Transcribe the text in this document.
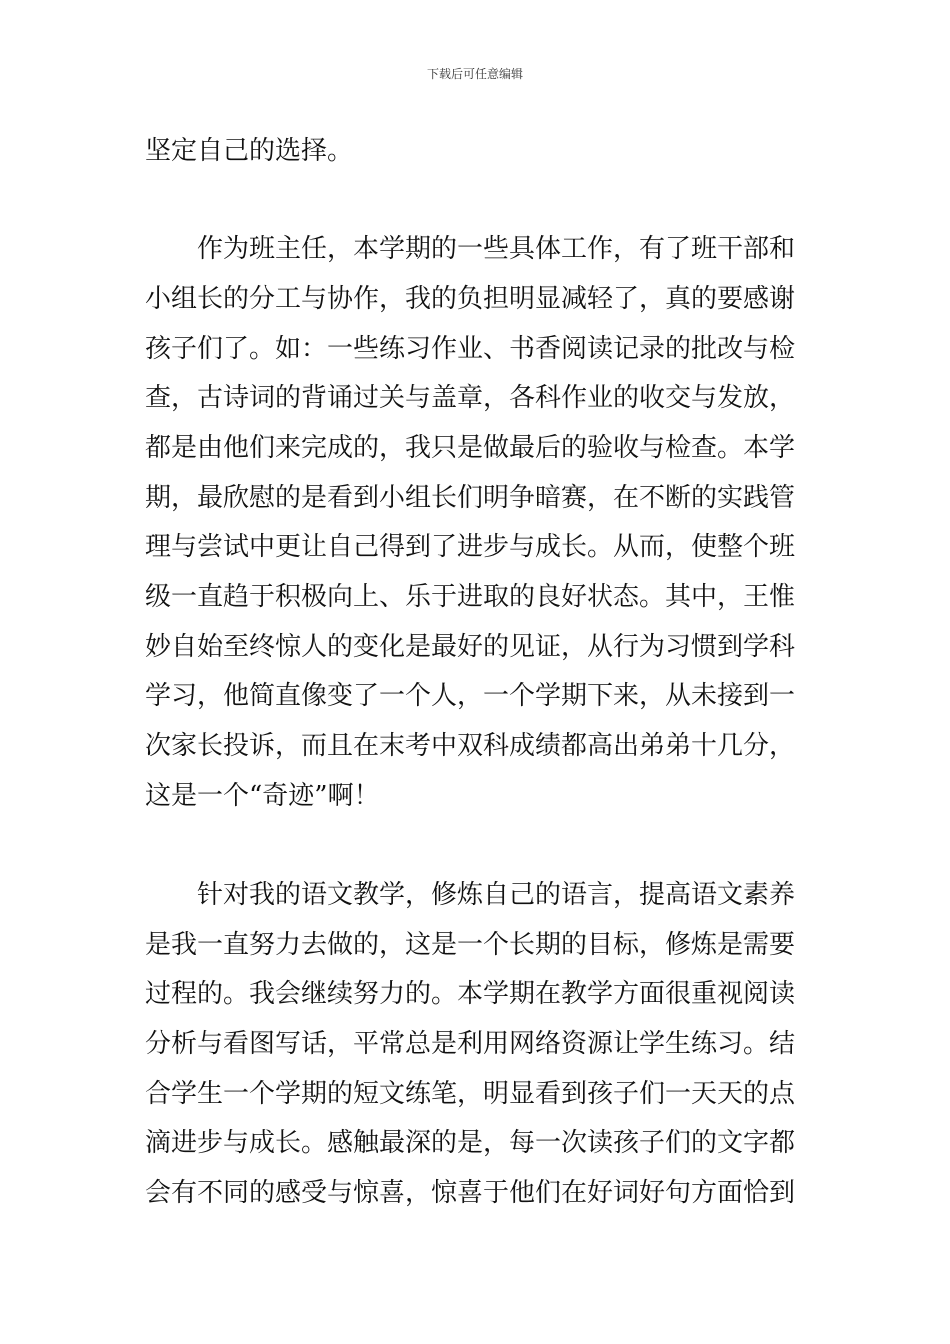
下载后可任意编辑
坚定自己的选择。
作为班主任，本学期的一些具体工作，有了班干部和
小组长的分工与协作，我的负担明显减轻了，真的要感谢
孩子们了。如：一些练习作业、书香阅读记录的批改与检
查，古诗词的背诵过关与盖章，各科作业的收交与发放，
都是由他们来完成的，我只是做最后的验收与检查。本学
期，最欣慰的是看到小组长们明争暗赛，在不断的实践管
理与尝试中更让自己得到了进步与成长。从而，使整个班
级一直趋于积极向上、乐于进取的良好状态。其中，王惟
妙自始至终惊人的变化是最好的见证，从行为习惯到学科
学习，他简直像变了一个人，一个学期下来，从未接到一
次家长投诉，而且在末考中双科成绩都高出弟弟十几分，
这是一个“奇迹”啊！
针对我的语文教学，修炼自己的语言，提高语文素养
是我一直努力去做的，这是一个长期的目标，修炼是需要
过程的。我会继续努力的。本学期在教学方面很重视阅读
分析与看图写话，平常总是利用网络资源让学生练习。结
合学生一个学期的短文练笔，明显看到孩子们一天天的点
滴进步与成长。感触最深的是，每一次读孩子们的文字都
会有不同的感受与惊喜，惊喜于他们在好词好句方面恰到
